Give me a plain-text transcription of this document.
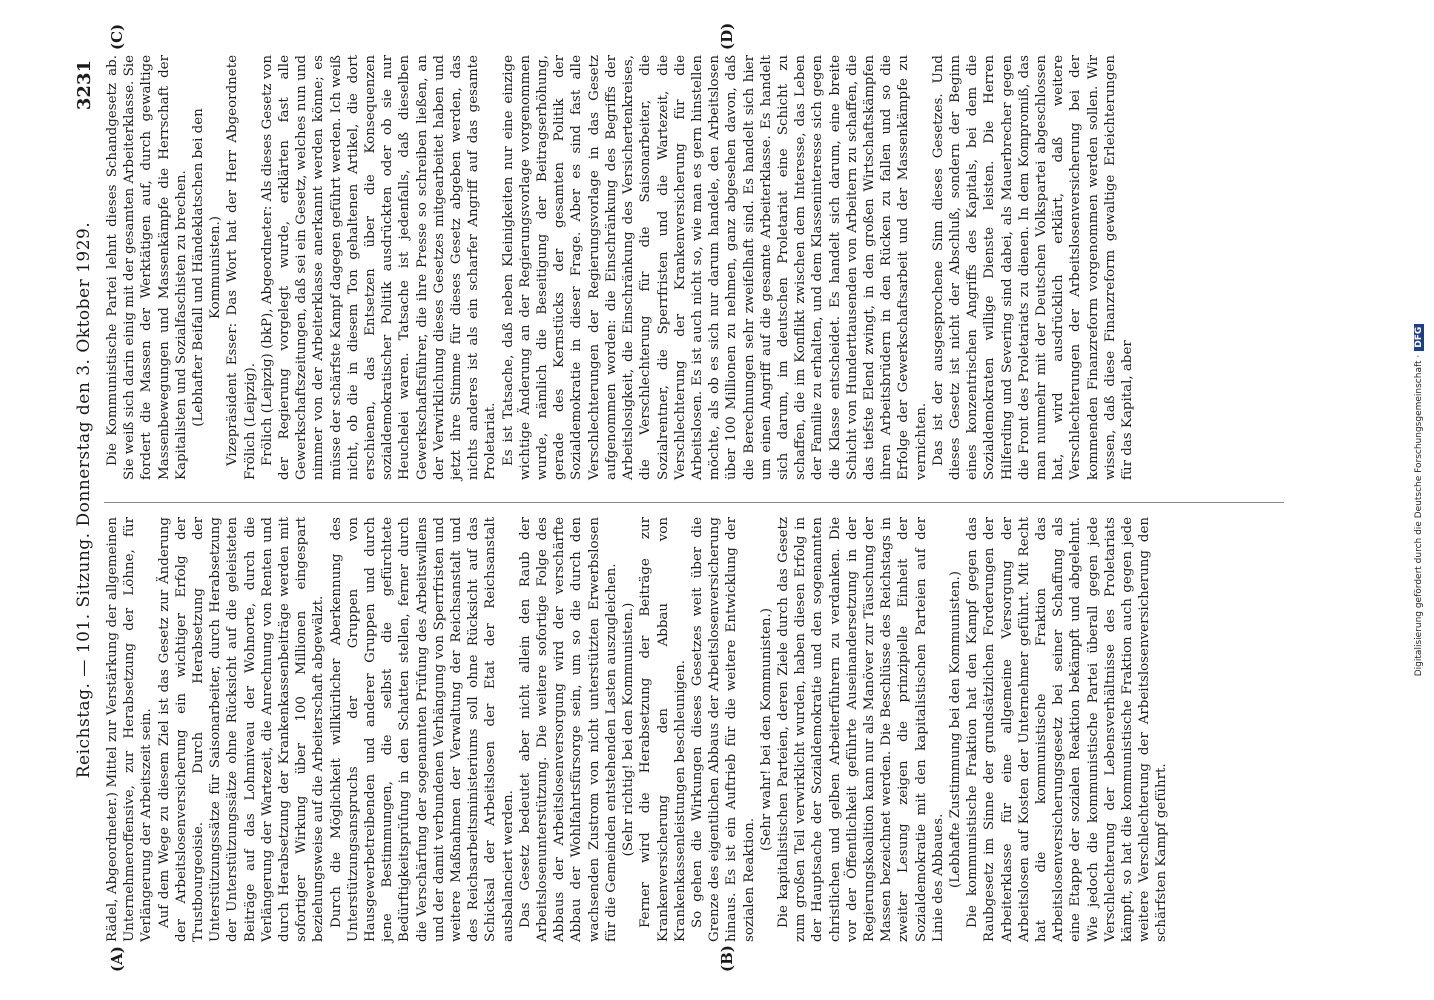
Reichstag. — 101. Sitzung. Donnerstag den 3. Oktober 1929.
3231
(A)	(B)
(C)	(D)

Rädel, Abgeordneter.) Mittel zur Verstärkung der allgemeinen Unternehmeroffensive, zur Herabsetzung der Löhne, für Verlängerung der Arbeitszeit sein. Auf dem Wege zu diesem Ziel ist das Gesetz zur Änderung der Arbeitslosenversicherung ein wichtiger Erfolg der Trustbourgeoisie. Durch Herabsetzung der Unterstützungssätze für Saisonarbeiter, durch Herabsetzung der Unterstützungssätze ohne Rücksicht auf die geleisteten Beiträge auf das Lohnniveau der Wohnorte, durch die Verlängerung der Wartezeit, die Anrechnung von Renten und durch Herabsetzung der Krankenkassenbeiträge werden mit sofortiger Wirkung über 100 Millionen eingespart beziehungsweise auf die Arbeiterschaft abgewälzt. Durch die Möglichkeit willkürlicher Aberkennung des Unterstützungsanspruchs der Gruppen von Hausgewerbetreibenden und anderer Gruppen und durch jene Bestimmungen, die selbst die gefürchtete Bedürftigkeitsprüfung in den Schatten stellen, ferner durch die Verschärfung der sogenannten Prüfung des Arbeitswillens und der damit verbundenen Verhängung von Sperrfristen und weitere Maßnahmen der Verwaltung der Reichsanstalt und des Reichsarbeitsministeriums soll ohne Rücksicht auf das Schicksal der Arbeitslosen der Etat der Reichsanstalt ausbalanciert werden. Das Gesetz bedeutet aber nicht allein den Raub der Arbeitslosenunterstützung. Die weitere sofortige Folge des Abbaus der Arbeitslosenversorgung wird der verschärfte Abbau der Wohlfahrtsfürsorge sein, um so die durch den wachsenden Zustrom von nicht unterstützten Erwerbslosen für die Gemeinden entstehenden Lasten auszugleichen. (Sehr richtig! bei den Kommunisten.) Ferner wird die Herabsetzung der Beiträge zur Krankenversicherung den Abbau von Krankenkassenleistungen beschleunigen. So gehen die Wirkungen dieses Gesetzes weit über die Grenze des eigentlichen Abbaus der Arbeitslosenversicherung hinaus. Es ist ein Auftrieb für die weitere Entwicklung der sozialen Reaktion.

(Sehr wahr! bei den Kommunisten.) Die kapitalistischen Parteien, deren Ziele durch das Gesetz zum großen Teil verwirklicht wurden, haben diesen Erfolg in der Hauptsache der Sozialdemokratie und den sogenannten christlichen und gelben Arbeiterführern zu verdanken. Die vor der Öffentlichkeit geführte Auseinandersetzung in der Regierungskoalition kann nur als Manöver zur Täuschung der Massen bezeichnet werden. Die Beschlüsse des Reichstags in zweiter Lesung zeigen die prinzipielle Einheit der Sozialdemokratie mit den kapitalistischen Parteien auf der Linie des Abbaues. (Lebhafte Zustimmung bei den Kommunisten.) Die kommunistische Fraktion hat den Kampf gegen das Raubgesetz im Sinne der grundsätzlichen Forderungen der Arbeiterklasse für eine allgemeine Versorgung der Arbeitslosen auf Kosten der Unternehmer geführt. Mit Recht hat die kommunistische Fraktion das Arbeitslosenversicherungsgesetz bei seiner Schaffung als eine Etappe der sozialen Reaktion bekämpft und abgelehnt. Wie jedoch die kommunistische Partei überall gegen jede Verschlechterung der Lebensverhältnisse des Proletariats kämpft, so hat die kommunistische Fraktion auch gegen jede weitere Verschlechterung der Arbeitslosenversicherung den schärfsten Kampf geführt.

Die Kommunistische Partei lehnt dieses Schandgesetz ab. Sie weiß sich darin einig mit der gesamten Arbeiterklasse. Sie fordert die Massen der Werktätigen auf, durch gewaltige Massenbewegungen und Massenkämpfe die Herrschaft der Kapitalisten und Sozialfaschisten zu brechen. (Lebhafter Beifall und Händeklatschen bei den Kommunisten.) Vizepräsident Esser: Das Wort hat der Herr Abgeordnete Frölich (Leipzig). Frölich (Leipzig) (bkP), Abgeordneter: Als dieses Gesetz von der Regierung vorgelegt wurde, erklärten fast alle Gewerkschaftszeitungen, daß sei ein Gesetz, welches nun und nimmer von der Arbeiterklasse anerkannt werden könne; es müsse der schärfste Kampf dagegen geführt werden. Ich weiß nicht, ob die in diesem Ton gehaltenen Artikel, die dort erschienen, das Entsetzen über die Konsequenzen sozialdemokratischer Politik ausdrückten oder ob sie nur Heuchelei waren. Tatsache ist jedenfalls, daß dieselben Gewerkschaftsführer, die ihre Presse so schreiben ließen, an der Verwirklichung dieses Gesetzes mitgearbeitet haben und jetzt ihre Stimme für dieses Gesetz abgeben werden, das nichts anderes ist als ein scharfer Angriff auf das gesamte Proletariat. Es ist Tatsache, daß neben Kleinigkeiten nur eine einzige wichtige Änderung an der Regierungsvorlage vorgenommen wurde, nämlich die Beseitigung der Beitragserhöhung, gerade des Kernstücks der gesamten Politik der Sozialdemokratie in dieser Frage. Aber es sind fast alle Verschlechterungen der Regierungsvorlage in das Gesetz aufgenommen worden: die Einschränkung des Begriffs der Arbeitslosigkeit, die Einschränkung des Versichertenkreises, die Verschlechterung für die Saisonarbeiter, die Sozialrentner, die Sperrfristen und die Wartezeit, die Verschlechterung der Krankenversicherung für die Arbeitslosen. Es ist auch nicht so, wie man es gern hinstellen möchte, als ob es sich nur darum handele, den Arbeitslosen über 100 Millionen zu nehmen, ganz abgesehen davon, daß die Berechnungen sehr zweifelhaft sind. Es handelt sich hier um einen Angriff auf die gesamte Arbeiterklasse. Es handelt sich darum, im deutschen Proletariat eine Schicht zu schaffen, die im Konflikt zwischen dem Interesse, das Leben der Familie zu erhalten, und dem Klasseninteresse sich gegen die Klasse entscheidet. Es handelt sich darum, eine breite Schicht von Hunderttausenden von Arbeitern zu schaffen, die das tiefste Elend zwingt, in den großen Wirtschaftskämpfen ihren Arbeitsbrüdern in den Rücken zu fallen und so die Erfolge der Gewerkschaftsarbeit und der Massenkämpfe zu vernichten. Das ist der ausgesprochene Sinn dieses Gesetzes. Und dieses Gesetz ist nicht der Abschluß, sondern der Beginn eines konzentrischen Angriffs des Kapitals, bei dem die Sozialdemokraten willige Dienste leisten. Die Herren Hilferding und Severing sind dabei, als Mauerbrecher gegen die Front des Proletariats zu dienen. In dem Kompromiß, das man nunmehr mit der Deutschen Volkspartei abgeschlossen hat, wird ausdrücklich erklärt, daß weitere Verschlechterungen der Arbeitslosenversicherung bei der kommenden Finanzreform vorgenommen werden sollen. Wir wissen, daß diese Finanzreform gewaltige Erleichterungen für das Kapital, aber	Digitalisierung gefördert durch die Deutsche Forschungsgemeinschaft ·DFG
